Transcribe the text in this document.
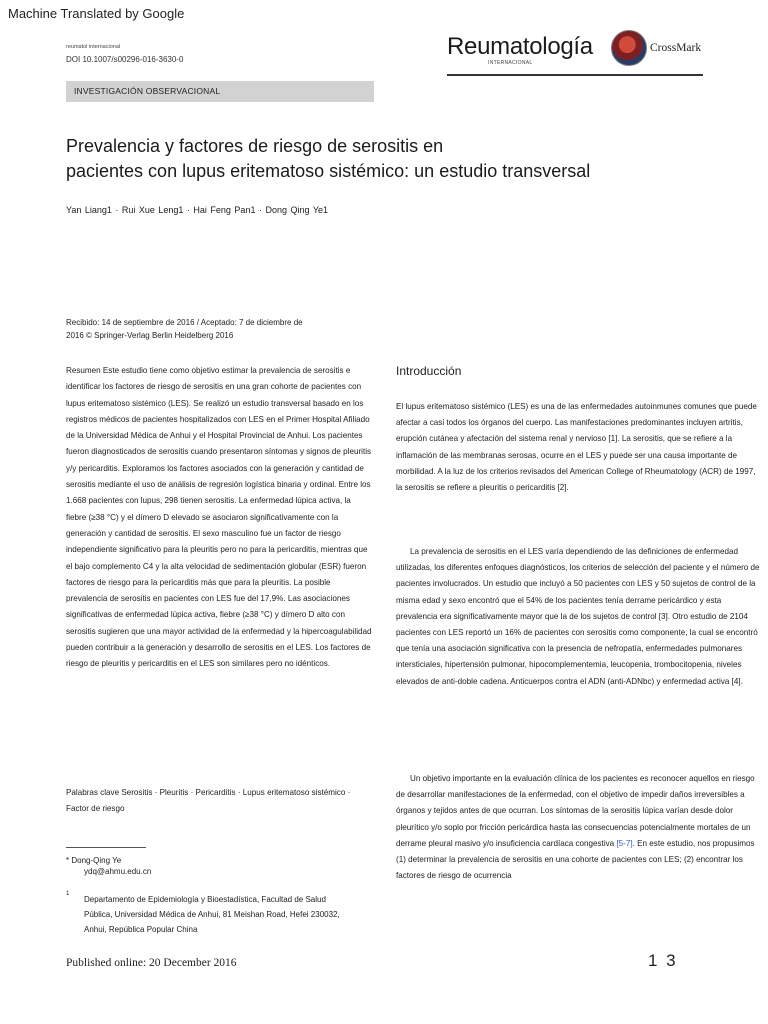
Machine Translated by Google
reumatol internacional
DOI 10.1007/s00296-016-3630-0	Reumatología
INTERNACIONAL
CrossMark
INVESTIGACIÓN OBSERVACIONAL
Prevalencia y factores de riesgo de serositis en
pacientes con lupus eritematoso sistémico: un estudio transversal
Yan Liang1 · Rui Xue Leng1 · Hai Feng Pan1 · Dong Qing Ye1
Recibido: 14 de septiembre de 2016 / Aceptado: 7 de diciembre de
2016 © Springer-Verlag Berlin Heidelberg 2016
Resumen Este estudio tiene como objetivo estimar la prevalencia de serositis e identificar los factores de riesgo de serositis en una gran cohorte de pacientes con lupus eritematoso sistémico (LES). Se realizó un estudio transversal basado en los registros médicos de pacientes hospitalizados con LES en el Primer Hospital Afiliado de la Universidad Médica de Anhui y el Hospital Provincial de Anhui. Los pacientes fueron diagnosticados de serositis cuando presentaron síntomas y signos de pleuritis y/y pericarditis. Exploramos los factores asociados con la generación y cantidad de serositis mediante el uso de análisis de regresión logística binaria y ordinal. Entre los 1.668 pacientes con lupus, 298 tienen serositis. La enfermedad lúpica activa, la fiebre (≥38 °C) y el dímero D elevado se asociaron significativamente con la generación y cantidad de serositis. El sexo masculino fue un factor de riesgo independiente significativo para la pleuritis pero no para la pericarditis, mientras que el bajo complemento C4 y la alta velocidad de sedimentación globular (ESR) fueron factores de riesgo para la pericarditis más que para la pleuritis. La posible prevalencia de serositis en pacientes con LES fue del 17,9%. Las asociaciones significativas de enfermedad lúpica activa, fiebre (≥38 °C) y dímero D alto con serositis sugieren que una mayor actividad de la enfermedad y la hipercoagulabilidad pueden contribuir a la generación y desarrollo de serositis en el LES. Los factores de riesgo de pleuritis y pericarditis en el LES son similares pero no idénticos.
Palabras clave Serositis · Pleuritis · Pericarditis · Lupus eritematoso sistémico · Factor de riesgo
* Dong-Qing Ye
ydq@ahmu.edu.cn
1
Departamento de Epidemiología y Bioestadística, Facultad de Salud Pública, Universidad Médica de Anhui, 81 Meishan Road, Hefei 230032, Anhui, República Popular China
Published online: 20 December 2016	1 3
Introducción
El lupus eritematoso sistémico (LES) es una de las enfermedades autoinmunes comunes que puede afectar a casi todos los órganos del cuerpo. Las manifestaciones predominantes incluyen artritis, erupción cutánea y afectación del sistema renal y nervioso [1]. La serositis, que se refiere a la inflamación de las membranas serosas, ocurre en el LES y puede ser una causa importante de morbilidad. A la luz de los criterios revisados del American College of Rheumatology (ACR) de 1997, la serositis se refiere a pleuritis o pericarditis [2].
La prevalencia de serositis en el LES varía dependiendo de las definiciones de enfermedad utilizadas, los diferentes enfoques diagnósticos, los criterios de selección del paciente y el número de pacientes involucrados. Un estudio que incluyó a 50 pacientes con LES y 50 sujetos de control de la misma edad y sexo encontró que el 54% de los pacientes tenía derrame pericárdico y esta prevalencia era significativamente mayor que la de los sujetos de control [3]. Otro estudio de 2104 pacientes con LES reportó un 16% de pacientes con serositis como componente, la cual se encontró que tenía una asociación significativa con la presencia de nefropatía, enfermedades pulmonares intersticiales, hipertensión pulmonar, hipocomplementemia, leucopenia, trombocitopenia, niveles elevados de anti-doble cadena. Anticuerpos contra el ADN (anti-ADNbc) y enfermedad activa [4].
Un objetivo importante en la evaluación clínica de los pacientes es reconocer aquellos en riesgo de desarrollar manifestaciones de la enfermedad, con el objetivo de impedir daños irreversibles a órganos y tejidos antes de que ocurran. Los síntomas de la serositis lúpica varían desde dolor pleurítico y/o soplo por fricción pericárdica hasta las consecuencias potencialmente mortales de un derrame pleural masivo y/o insuficiencia cardíaca congestiva [5-7]. En este estudio, nos propusimos (1) determinar la prevalencia de serositis en una cohorte de pacientes con LES; (2) encontrar los factores de riesgo de ocurrencia
